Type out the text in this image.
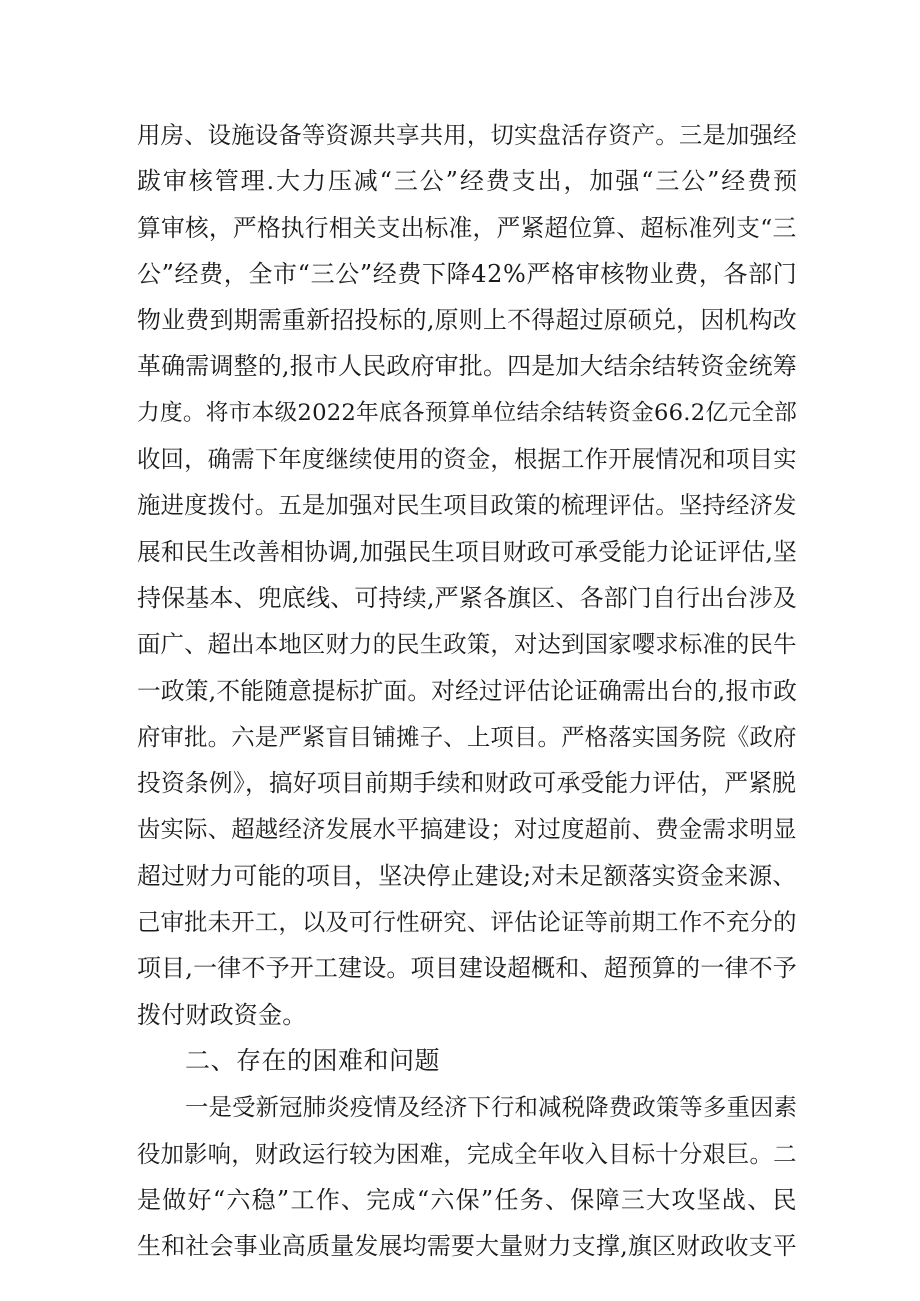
用房、设施设备等资源共享共用，切实盘活存资产。三是加强经
跋审核管理.大力压减“三公”经费支出，加强“三公”经费预
算审核，严格执行相关支出标准，严紧超位算、超标准列支“三
公”经费，全市“三公”经费下降42%严格审核物业费，各部门
物业费到期需重新招投标的,原则上不得超过原硕兑，因机构改
革确需调整的,报市人民政府审批。四是加大结余结转资金统筹
力度。将市本级2022年底各预算单位结余结转资金66.2亿元全部
收回，确需下年度继续使用的资金，根据工作开展情况和项目实
施进度拨付。五是加强对民生项目政策的梳理评估。坚持经济发
展和民生改善相协调,加强民生项目财政可承受能力论证评估,坚
持保基本、兜底线、可持续,严紧各旗区、各部门自行出台涉及
面广、超出本地区财力的民生政策，对达到国家嘤求标准的民牛
一政策,不能随意提标扩面。对经过评估论证确需出台的,报市政
府审批。六是严紧盲目铺摊子、上项目。严格落实国务院《政府
投资条例》，搞好项目前期手续和财政可承受能力评估，严紧脱
齿实际、超越经济发展水平搞建设；对过度超前、费金需求明显
超过财力可能的项目，坚决停止建设;对未足额落实资金来源、
己审批未开工，以及可行性研究、评估论证等前期工作不充分的
项目,一律不予开工建设。项目建设超概和、超预算的一律不予
拨付财政资金。
二、存在的困难和问题
一是受新冠肺炎疫情及经济下行和减税降费政策等多重因素
役加影响，财政运行较为困难，完成全年收入目标十分艰巨。二
是做好“六稳”工作、完成“六保”任务、保障三大攻坚战、民
生和社会事业高质量发展均需要大量财力支撑,旗区财政收支平
